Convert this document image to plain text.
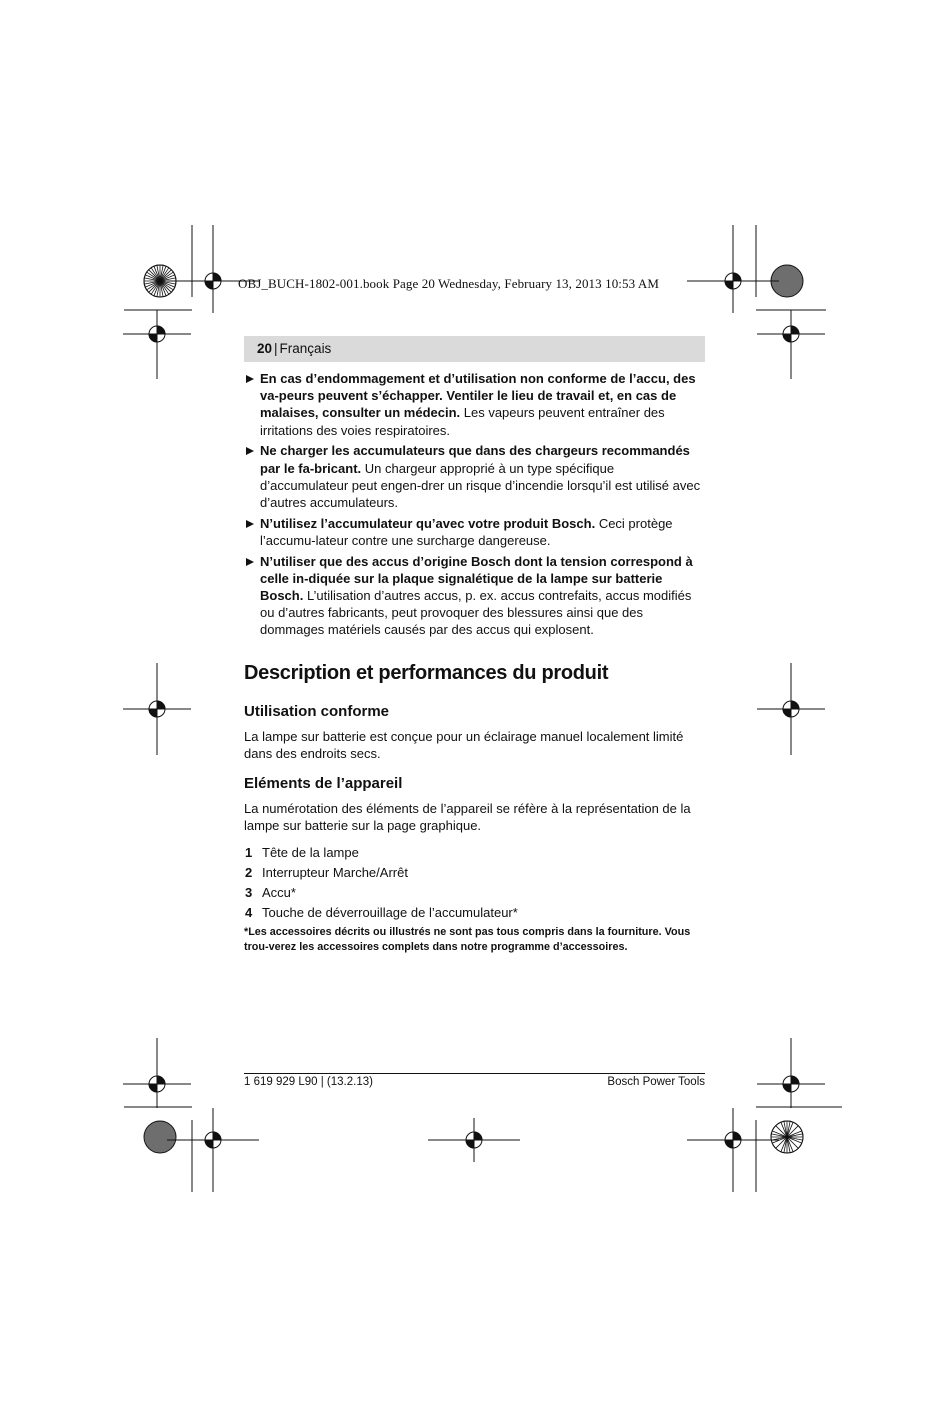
OBJ_BUCH-1802-001.book Page 20 Wednesday, February 13, 2013 10:53 AM
20 | Français
En cas d’endommagement et d’utilisation non conforme de l’accu, des va-peurs peuvent s’échapper. Ventiler le lieu de travail et, en cas de malaises, consulter un médecin. Les vapeurs peuvent entraîner des irritations des voies respiratoires.
Ne charger les accumulateurs que dans des chargeurs recommandés par le fa-bricant. Un chargeur approprié à un type spécifique d’accumulateur peut engen-drer un risque d’incendie lorsqu’il est utilisé avec d’autres accumulateurs.
N’utilisez l’accumulateur qu’avec votre produit Bosch. Ceci protège l’accumu-lateur contre une surcharge dangereuse.
N’utiliser que des accus d’origine Bosch dont la tension correspond à celle in-diquée sur la plaque signalétique de la lampe sur batterie Bosch. L’utilisation d’autres accus, p. ex. accus contrefaits, accus modifiés ou d’autres fabricants, peut provoquer des blessures ainsi que des dommages matériels causés par des accus qui explosent.
Description et performances du produit
Utilisation conforme

La lampe sur batterie est conçue pour un éclairage manuel localement limité dans des endroits secs.

Eléments de l’appareil

La numérotation des éléments de l’appareil se réfère à la représentation de la lampe sur batterie sur la page graphique.

1 Tête de la lampe
2 Interrupteur Marche/Arrêt
3 Accu*
4 Touche de déverrouillage de l’accumulateur*
*Les accessoires décrits ou illustrés ne sont pas tous compris dans la fourniture. Vous trou-verez les accessoires complets dans notre programme d’accessoires.
1 619 929 L90 | (13.2.13)	Bosch Power Tools
